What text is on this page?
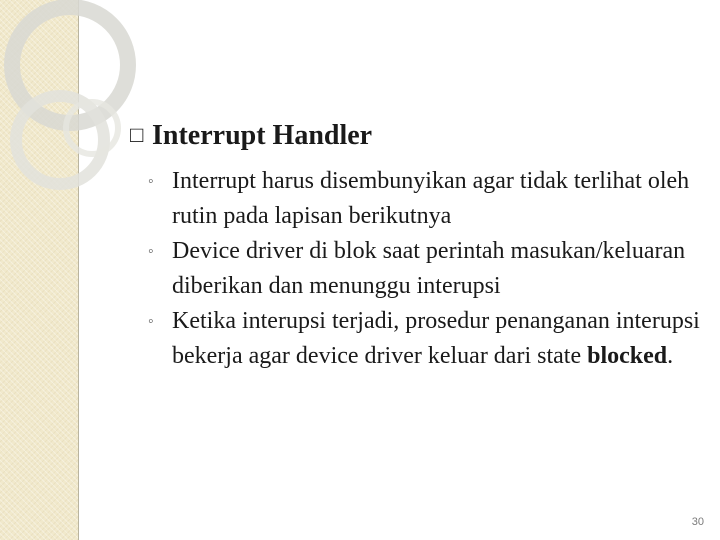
□ Interrupt Handler
◦ Interrupt harus disembunyikan agar tidak terlihat oleh rutin pada lapisan berikutnya
◦ Device driver di blok saat perintah masukan/keluaran diberikan dan menunggu interupsi
◦ Ketika interupsi terjadi, prosedur penanganan interupsi bekerja agar device driver keluar dari state blocked.
30
